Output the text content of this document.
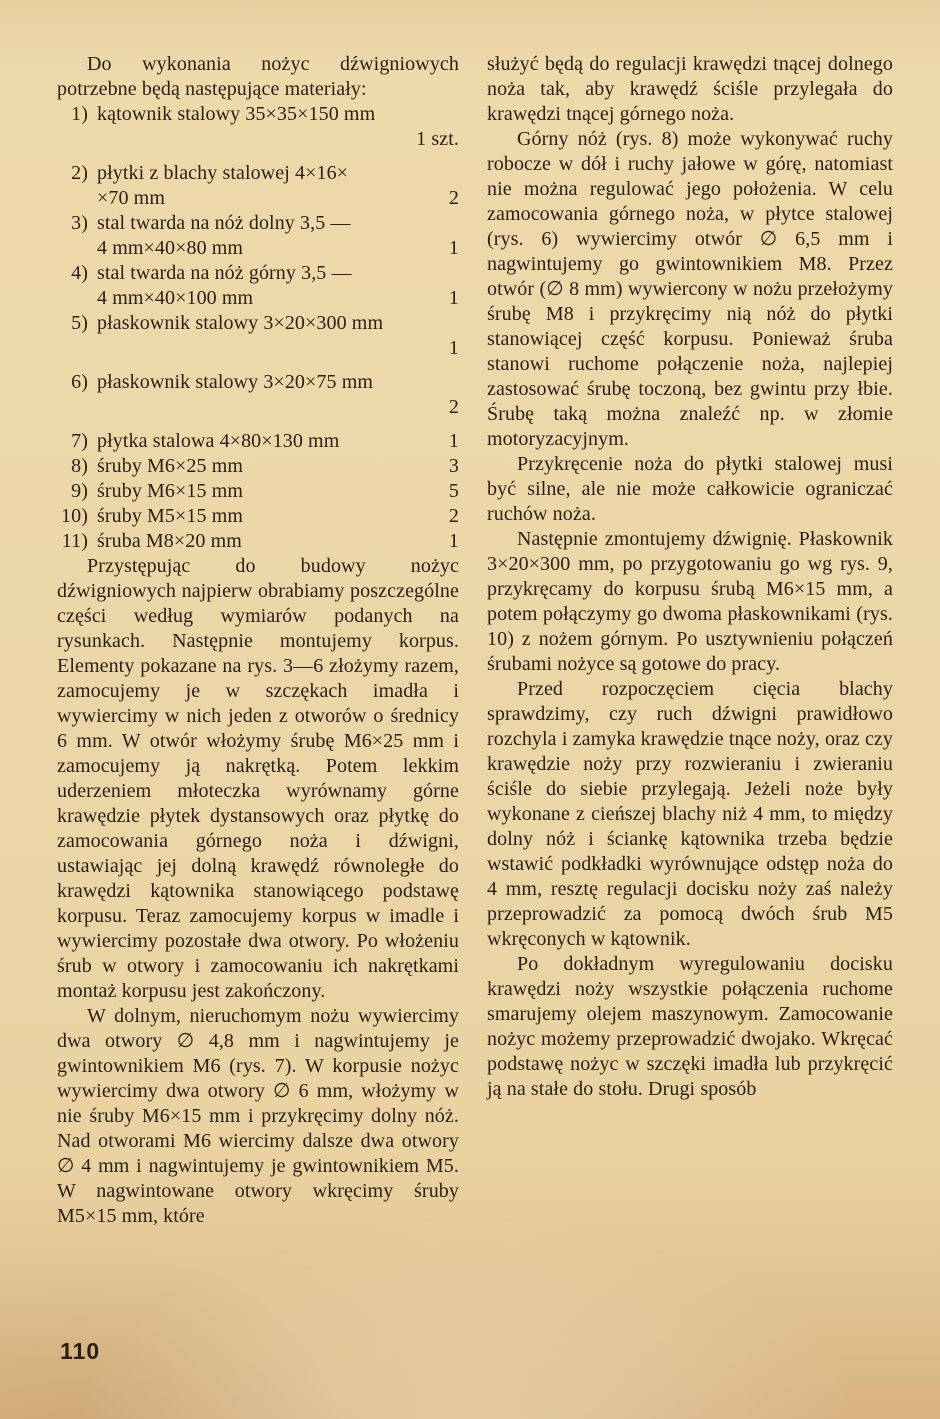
Do wykonania nożyc dźwigniowych potrzebne będą następujące materiały:

1) kątownik stalowy 35×35×150 mm
1 szt.
2) płytki z blachy stalowej 4×16×
×70 mm	2
3) stal twarda na nóż dolny 3,5 —
4 mm×40×80 mm	1
4) stal twarda na nóż górny 3,5 —
4 mm×40×100 mm	1
5) płaskownik stalowy 3×20×300 mm
1
6) płaskownik stalowy 3×20×75 mm
2
7) płytka stalowa 4×80×130 mm	1
8) śruby M6×25 mm	3
9) śruby M6×15 mm	5
10) śruby M5×15 mm	2
11) śruba M8×20 mm	1

Przystępując do budowy nożyc dźwigniowych najpierw obrabiamy poszczególne części według wymiarów podanych na rysunkach. Następnie montujemy korpus. Elementy pokazane na rys. 3—6 złożymy razem, zamocujemy je w szczękach imadła i wywiercimy w nich jeden z otworów o średnicy 6 mm. W otwór włożymy śrubę M6×25 mm i zamocujemy ją nakrętką. Potem lekkim uderzeniem młoteczka wyrównamy górne krawędzie płytek dystansowych oraz płytkę do zamocowania górnego noża i dźwigni, ustawiając jej dolną krawędź równoległe do krawędzi kątownika stanowiącego podstawę korpusu. Teraz zamocujemy korpus w imadle i wywiercimy pozostałe dwa otwory. Po włożeniu śrub w otwory i zamocowaniu ich nakrętkami montaż korpusu jest zakończony.

W dolnym, nieruchomym nożu wywiercimy dwa otwory ∅ 4,8 mm i nagwintujemy je gwintownikiem M6 (rys. 7). W korpusie nożyc wywiercimy dwa otwory ∅ 6 mm, włożymy w nie śruby M6×15 mm i przykręcimy dolny nóż. Nad otworami M6 wiercimy dalsze dwa otwory ∅ 4 mm i nagwintujemy je gwintownikiem M5. W nagwintowane otwory wkręcimy śruby M5×15 mm, które

służyć będą do regulacji krawędzi tnącej dolnego noża tak, aby krawędź ściśle przylegała do krawędzi tnącej górnego noża.

Górny nóż (rys. 8) może wykonywać ruchy robocze w dół i ruchy jałowe w górę, natomiast nie można regulować jego położenia. W celu zamocowania górnego noża, w płytce stalowej (rys. 6) wywiercimy otwór ∅ 6,5 mm i nagwintujemy go gwintownikiem M8. Przez otwór (∅ 8 mm) wywiercony w nożu przełożymy śrubę M8 i przykręcimy nią nóż do płytki stanowiącej część korpusu. Ponieważ śruba stanowi ruchome połączenie noża, najlepiej zastosować śrubę toczoną, bez gwintu przy łbie. Śrubę taką można znaleźć np. w złomie motoryzacyjnym.

Przykręcenie noża do płytki stalowej musi być silne, ale nie może całkowicie ograniczać ruchów noża.

Następnie zmontujemy dźwignię. Płaskownik 3×20×300 mm, po przygotowaniu go wg rys. 9, przykręcamy do korpusu śrubą M6×15 mm, a potem połączymy go dwoma płaskownikami (rys. 10) z nożem górnym. Po usztywnieniu połączeń śrubami nożyce są gotowe do pracy.

Przed rozpoczęciem cięcia blachy sprawdzimy, czy ruch dźwigni prawidłowo rozchyla i zamyka krawędzie tnące noży, oraz czy krawędzie noży przy rozwieraniu i zwieraniu ściśle do siebie przylegają. Jeżeli noże były wykonane z cieńszej blachy niż 4 mm, to między dolny nóż i ściankę kątownika trzeba będzie wstawić podkładki wyrównujące odstęp noża do 4 mm, resztę regulacji docisku noży zaś należy przeprowadzić za pomocą dwóch śrub M5 wkręconych w kątownik.

Po dokładnym wyregulowaniu docisku krawędzi noży wszystkie połączenia ruchome smarujemy olejem maszynowym. Zamocowanie nożyc możemy przeprowadzić dwojako. Wkręcać podstawę nożyc w szczęki imadła lub przykręcić ją na stałe do stołu. Drugi sposób

110
